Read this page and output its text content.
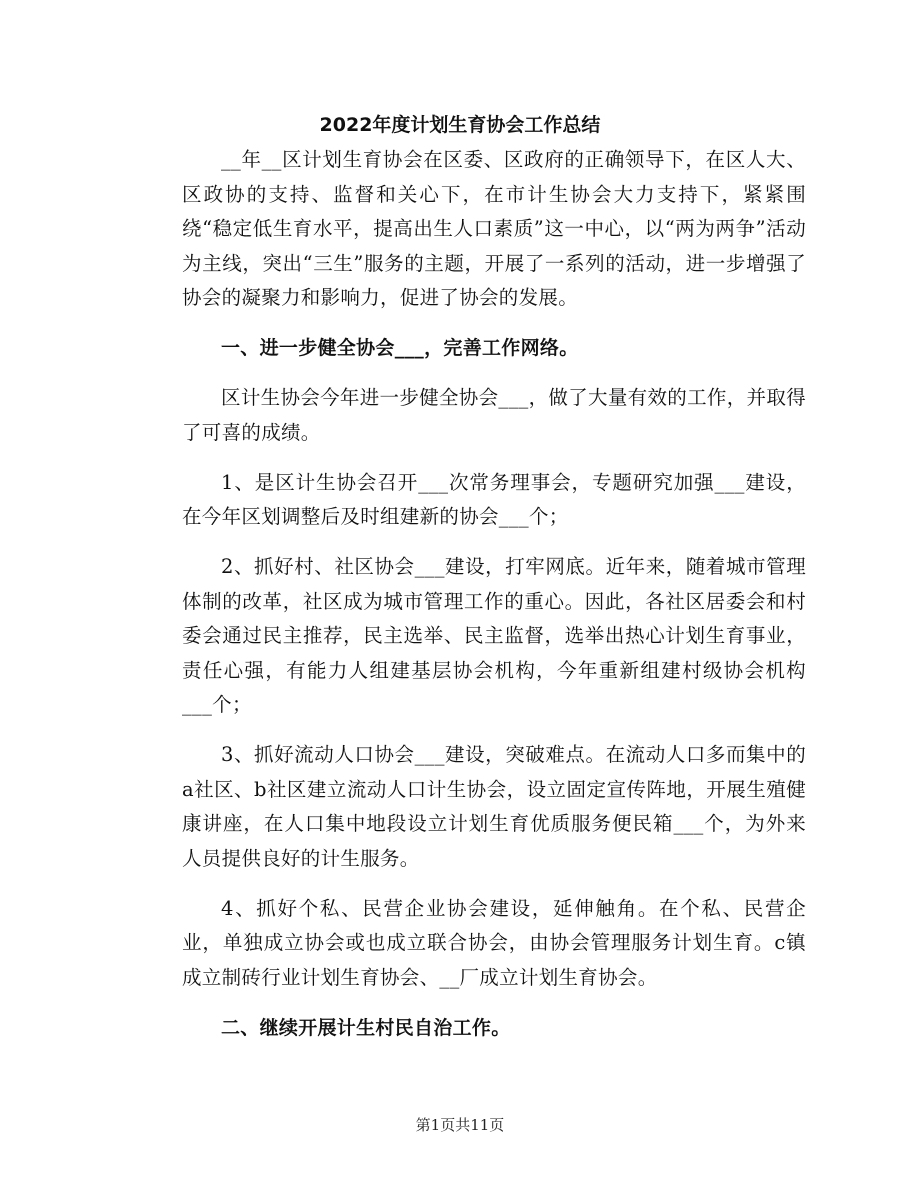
2022年度计划生育协会工作总结

__年__区计划生育协会在区委、区政府的正确领导下，在区人大、区政协的支持、监督和关心下，在市计生协会大力支持下，紧紧围绕“稳定低生育水平，提高出生人口素质”这一中心，以“两为两争”活动为主线，突出“三生”服务的主题，开展了一系列的活动，进一步增强了协会的凝聚力和影响力，促进了协会的发展。

一、进一步健全协会___，完善工作网络。

区计生协会今年进一步健全协会___，做了大量有效的工作，并取得了可喜的成绩。

1、是区计生协会召开___次常务理事会，专题研究加强___建设，在今年区划调整后及时组建新的协会___个；

2、抓好村、社区协会___建设，打牢网底。近年来，随着城市管理体制的改革，社区成为城市管理工作的重心。因此，各社区居委会和村委会通过民主推荐，民主选举、民主监督，选举出热心计划生育事业，责任心强，有能力人组建基层协会机构，今年重新组建村级协会机构___个；

3、抓好流动人口协会___建设，突破难点。在流动人口多而集中的a社区、b社区建立流动人口计生协会，设立固定宣传阵地，开展生殖健康讲座，在人口集中地段设立计划生育优质服务便民箱___个，为外来人员提供良好的计生服务。

4、抓好个私、民营企业协会建设，延伸触角。在个私、民营企业，单独成立协会或也成立联合协会，由协会管理服务计划生育。c镇成立制砖行业计划生育协会、__厂成立计划生育协会。

二、继续开展计生村民自治工作。

第1页共11页
